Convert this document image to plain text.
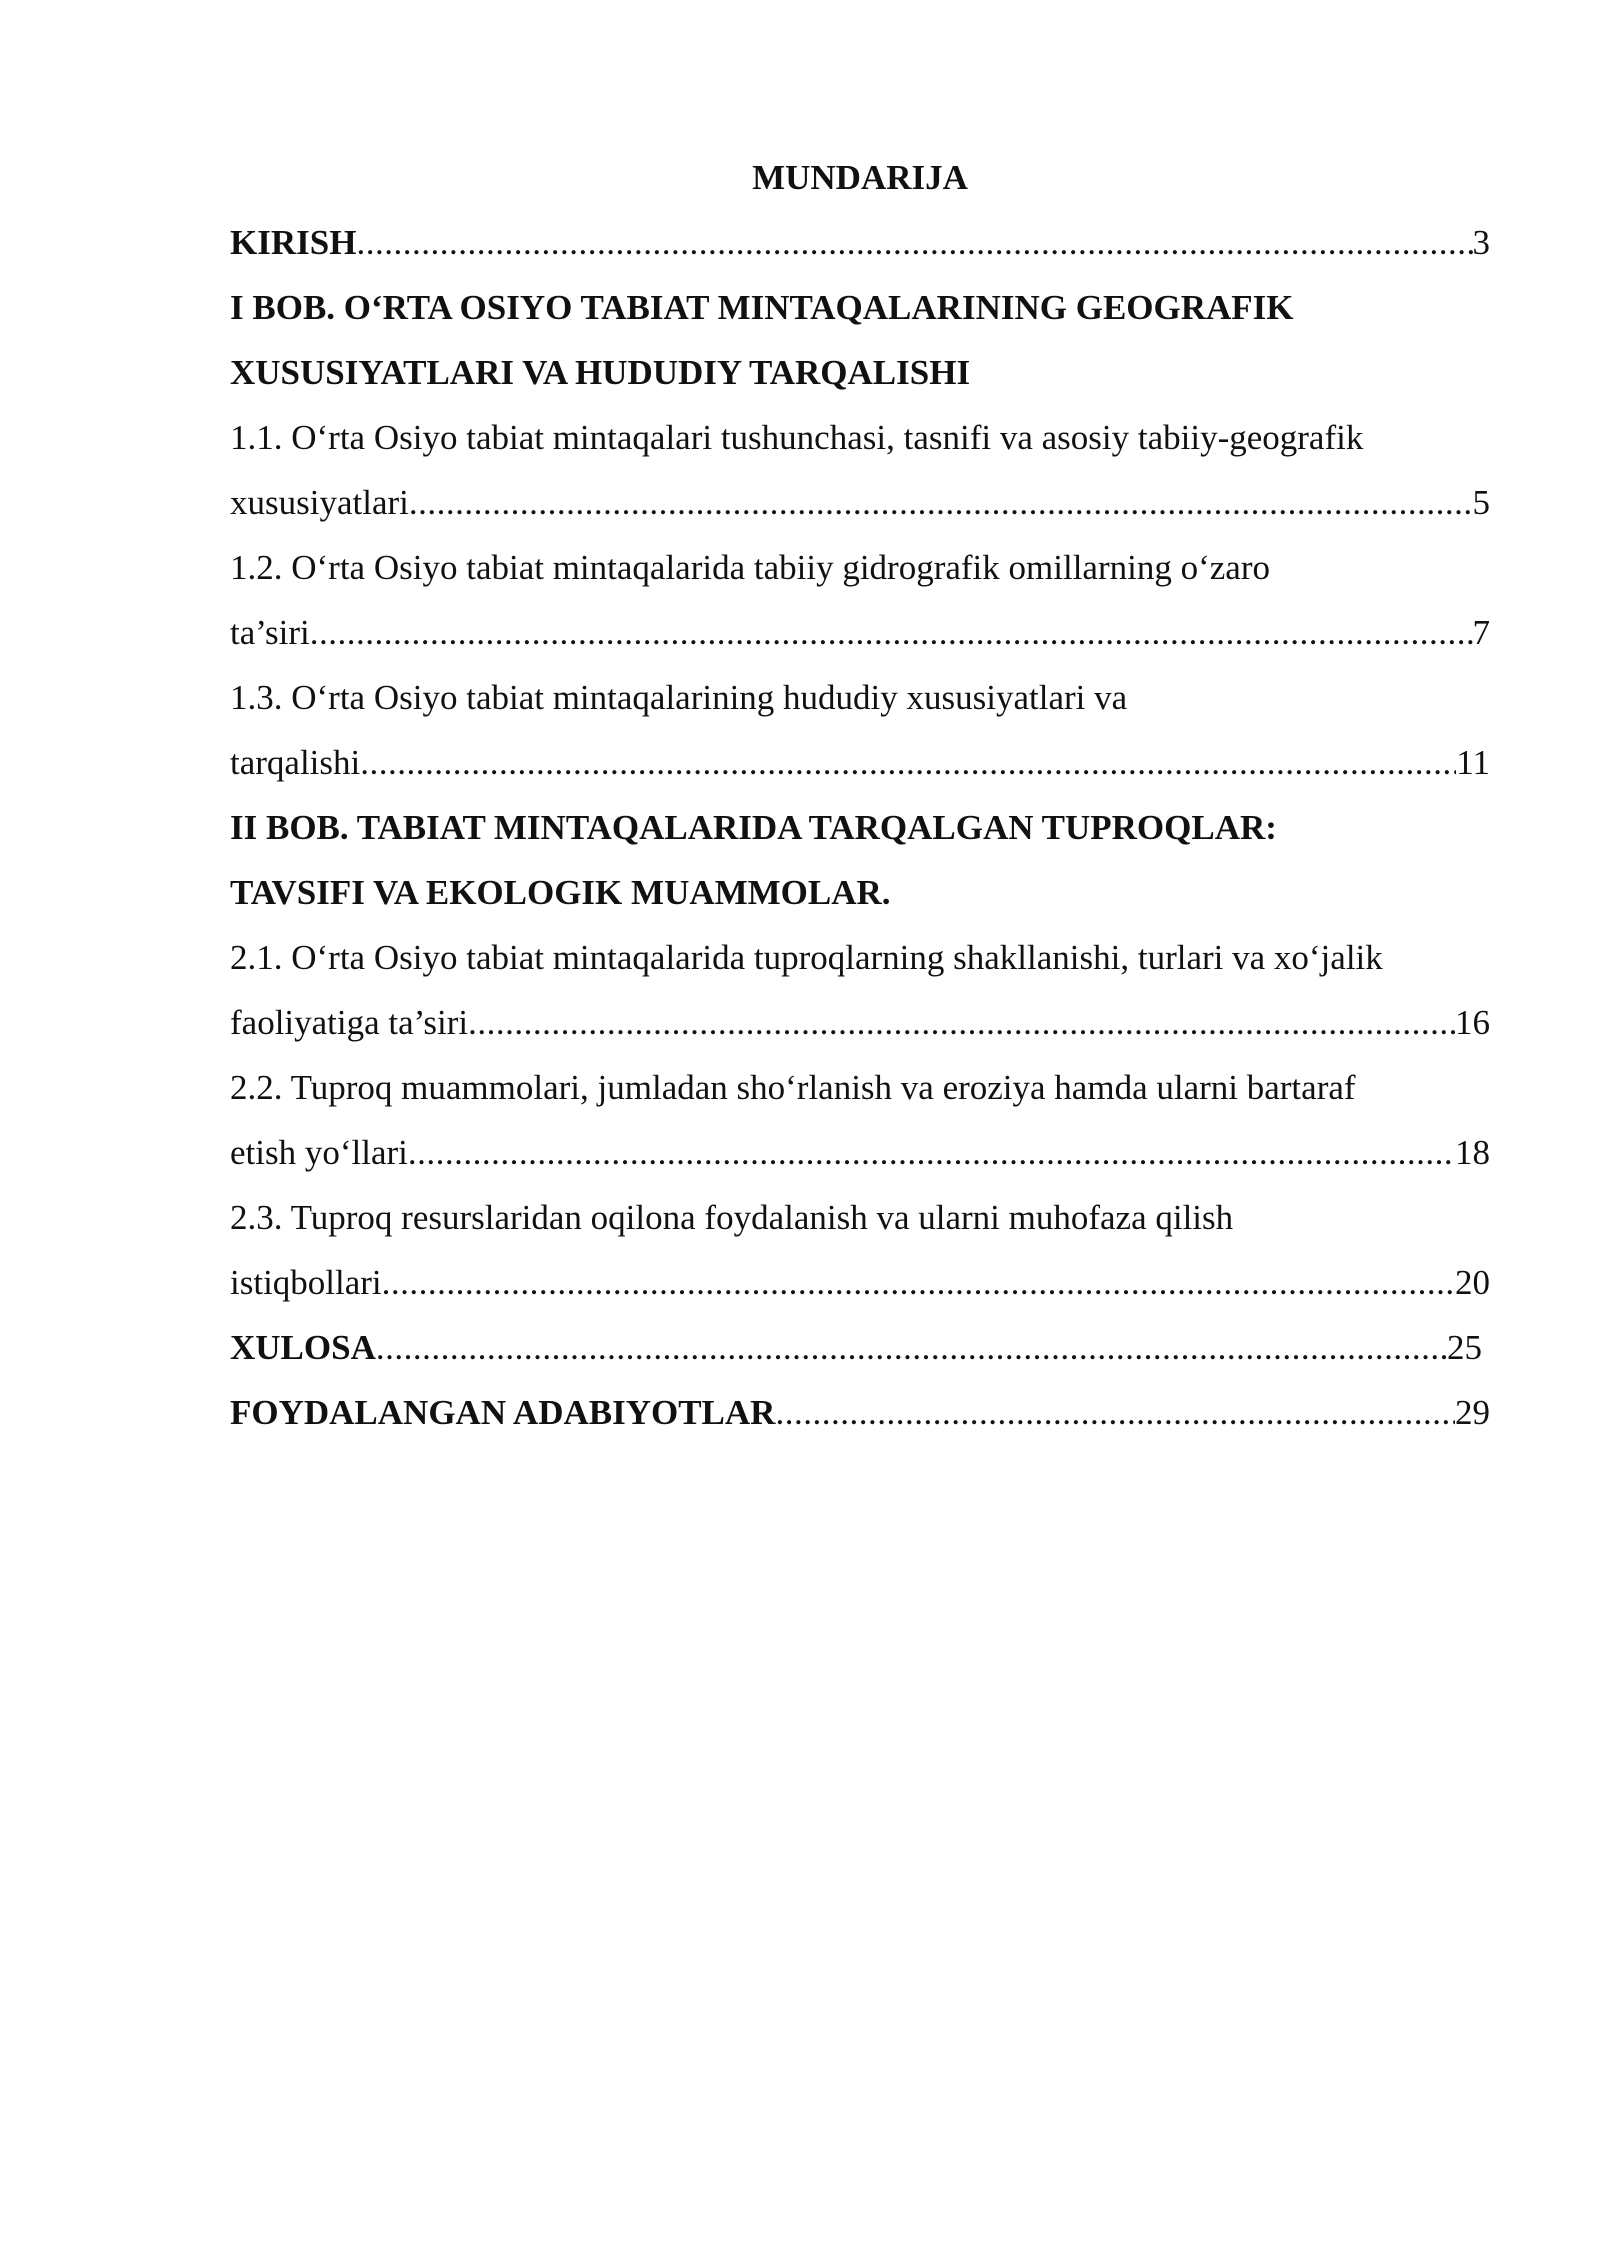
MUNDARIJA
KIRISH .....	3
I BOB. O‘RTA OSIYO TABIAT MINTAQALARINING GEOGRAFIK
XUSUSIYATLARI VA HUDUDIY TARQALISHI
1.1. O‘rta Osiyo tabiat mintaqalari tushunchasi, tasnifi va asosiy tabiiy-geografik
xususiyatlari .....	5
1.2. O‘rta Osiyo tabiat mintaqalarida tabiiy gidrografik omillarning o‘zaro
ta’siri .....	7
1.3. O‘rta Osiyo tabiat mintaqalarining hududiy xususiyatlari va
tarqalishi .....	11
II BOB. TABIAT MINTAQALARIDA TARQALGAN TUPROQLAR:
TAVSIFI VA EKOLOGIK MUAMMOLAR.
2.1. O‘rta Osiyo tabiat mintaqalarida tuproqlarning shakllanishi, turlari va xo‘jalik
faoliyatiga ta’siri .....	16
2.2. Tuproq muammolari, jumladan sho‘rlanish va eroziya hamda ularni bartaraf
etish yo‘llari .....	18
2.3. Tuproq resurslaridan oqilona foydalanish va ularni muhofaza qilish
istiqbollari .....	20
XULOSA .....	25
FOYDALANGAN ADABIYOTLAR .....	29
